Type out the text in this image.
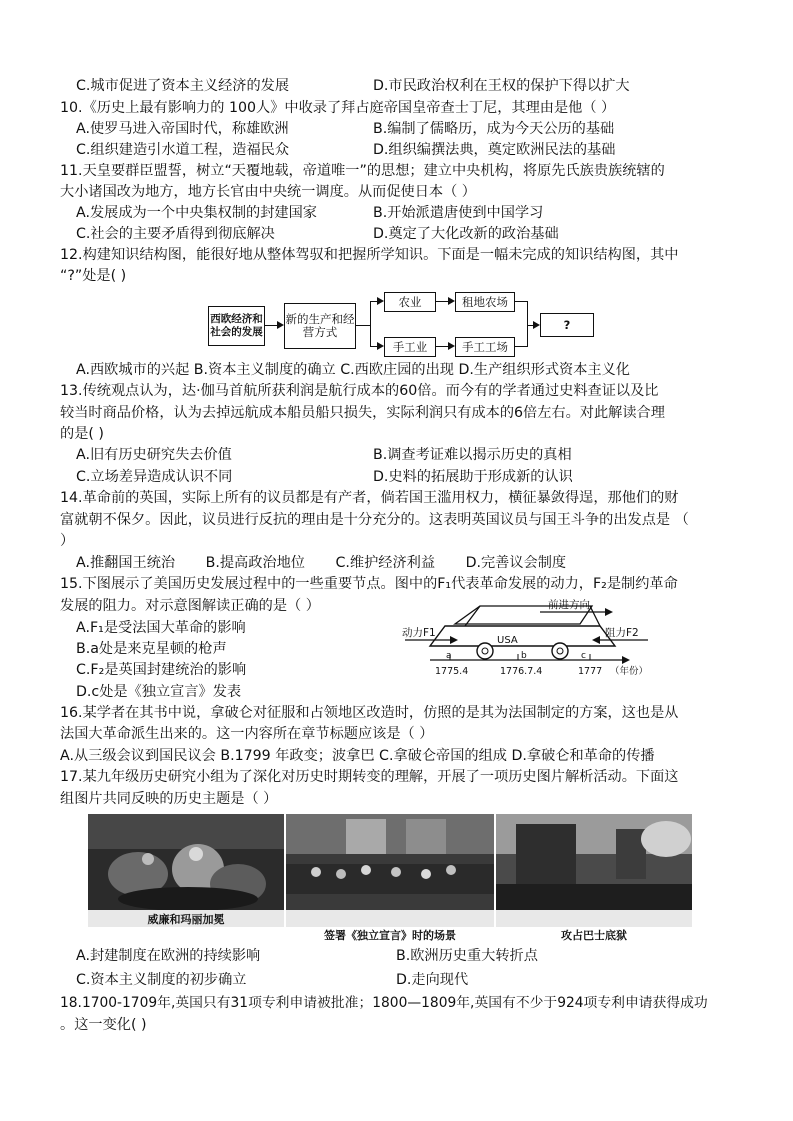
C.城市促进了资本主义经济的发展	D.市民政治权利在王权的保护下得以扩大
10.《历史上最有影响力的 100人》中收录了拜占庭帝国皇帝查士丁尼，其理由是他（ ）
A.使罗马进入帝国时代，称雄欧洲	B.编制了儒略历，成为今天公历的基础
C.组织建造引水道工程，造福民众	D.组织编撰法典，奠定欧洲民法的基础
11.天皇要群臣盟誓，树立“天覆地载，帝道唯一”的思想；建立中央机构，将原先氏族贵族统辖的
大小诸国改为地方，地方长官由中央统一调度。从而促使日本（ ）
A.发展成为一个中央集权制的封建国家	B.开始派遣唐使到中国学习
C.社会的主要矛盾得到彻底解决	D.奠定了大化改新的政治基础
12.构建知识结构图，能很好地从整体驾驭和把握所学知识。下面是一幅未完成的知识结构图，其中
“?”处是( )
西欧经济和社会的发展
新的生产和经营方式
农业	租地农场
手工业	手工工场
?
A.西欧城市的兴起 B.资本主义制度的确立 C.西欧庄园的出现 D.生产组织形式资本主义化
13.传统观点认为，达·伽马首航所获利润是航行成本的60倍。而今有的学者通过史料查证以及比
较当时商品价格，认为去掉远航成本船员船只损失，实际利润只有成本的6倍左右。对此解读合理
的是( )
A.旧有历史研究失去价值	B.调查考证难以揭示历史的真相
C.立场差异造成认识不同	D.史料的拓展助于形成新的认识
14.革命前的英国，实际上所有的议员都是有产者，倘若国王滥用权力，横征暴敛得逞，那他们的财
富就朝不保夕。因此，议员进行反抗的理由是十分充分的。这表明英国议员与国王斗争的出发点是 （
）
A.推翻国王统治 B.提高政治地位 C.维护经济利益 D.完善议会制度
15.下图展示了美国历史发展过程中的一些重要节点。图中的F₁代表革命发展的动力，F₂是制约革命
发展的阻力。对示意图解读正确的是（ ）
A.F₁是受法国大革命的影响
B.a处是来克星顿的枪声
C.F₂是英国封建统治的影响
D.c处是《独立宣言》发表
前进方向
USA
动力F1	阻力F2
a	b	c
1775.4	1776.7.4	1777 （年份）
16.某学者在其书中说，拿破仑对征服和占领地区改造时，仿照的是其为法国制定的方案，这也是从
法国大革命派生出来的。这一内容所在章节标题应该是（ ）
A.从三级会议到国民议会 B.1799 年政变；波拿巴 C.拿破仑帝国的组成 D.拿破仑和革命的传播
17.某九年级历史研究小组为了深化对历史时期转变的理解，开展了一项历史图片解析活动。下面这
组图片共同反映的历史主题是（ ）
威廉和玛丽加冕
签署《独立宣言》时的场景	攻占巴士底狱
A.封建制度在欧洲的持续影响	B.欧洲历史重大转折点
C.资本主义制度的初步确立	D.走向现代
18.1700-1709年,英国只有31项专利申请被批准；1800—1809年,英国有不少于924项专利申请获得成功
。这一变化( )
